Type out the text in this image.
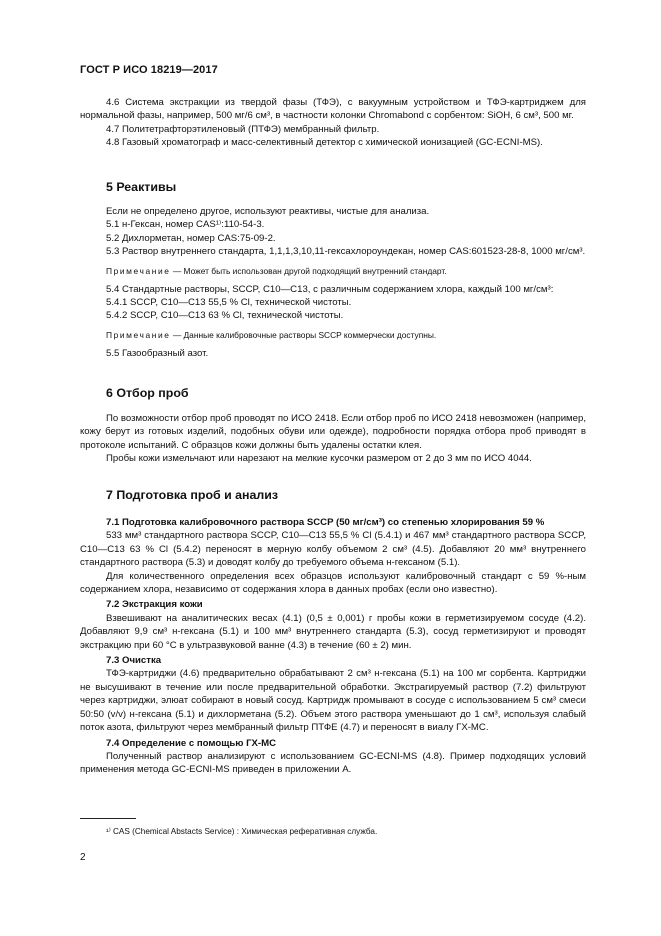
ГОСТ Р ИСО 18219—2017

4.6 Система экстракции из твердой фазы (ТФЭ), с вакуумным устройством и ТФЭ-картриджем для нормальной фазы, например, 500 мг/6 см³, в частности колонки Chromabond с сорбентом: SiOH, 6 см³, 500 мг.

4.7 Политетрафторэтиленовый (ПТФЭ) мембранный фильтр.

4.8 Газовый хроматограф и масс-селективный детектор с химической ионизацией (GC-ECNI-MS).

5 Реактивы

Если не определено другое, используют реактивы, чистые для анализа.

5.1 н-Гексан, номер CAS¹⁾:110-54-3.

5.2 Дихлорметан, номер CAS:75-09-2.

5.3 Раствор внутреннего стандарта, 1,1,1,3,10,11-гексахлороундекан, номер CAS:601523-28-8, 1000 мг/см³.

Примечание — Может быть использован другой подходящий внутренний стандарт.

5.4 Стандартные растворы, SCCP, C10—C13, с различным содержанием хлора, каждый 100 мг/см³:

5.4.1 SCCP, C10—C13 55,5 % Cl, технической чистоты.

5.4.2 SCCP, C10—C13 63 % Cl, технической чистоты.

Примечание — Данные калибровочные растворы SCCP коммерчески доступны.

5.5 Газообразный азот.

6 Отбор проб

По возможности отбор проб проводят по ИСО 2418. Если отбор проб по ИСО 2418 невозможен (например, кожу берут из готовых изделий, подобных обуви или одежде), подробности порядка отбора проб приводят в протоколе испытаний. С образцов кожи должны быть удалены остатки клея.

Пробы кожи измельчают или нарезают на мелкие кусочки размером от 2 до 3 мм по ИСО 4044.

7 Подготовка проб и анализ

7.1 Подготовка калибровочного раствора SCCP (50 мг/см³) со степенью хлорирования 59 %

533 мм³ стандартного раствора SCCP, C10—C13 55,5 % Cl (5.4.1) и 467 мм³ стандартного раствора SCCP, C10—C13 63 % Cl (5.4.2) переносят в мерную колбу объемом 2 см³ (4.5). Добавляют 20 мм³ внутреннего стандартного раствора (5.3) и доводят колбу до требуемого объема н-гексаном (5.1).

Для количественного определения всех образцов используют калибровочный стандарт с 59 %-ным содержанием хлора, независимо от содержания хлора в данных пробах (если оно известно).

7.2 Экстракция кожи

Взвешивают на аналитических весах (4.1) (0,5 ± 0,001) г пробы кожи в герметизируемом сосуде (4.2). Добавляют 9,9 см³ н-гексана (5.1) и 100 мм³ внутреннего стандарта (5.3), сосуд герметизируют и проводят экстракцию при 60 °C в ультразвуковой ванне (4.3) в течение (60 ± 2) мин.

7.3 Очистка

ТФЭ-картриджи (4.6) предварительно обрабатывают 2 см³ н-гексана (5.1) на 100 мг сорбента. Картриджи не высушивают в течение или после предварительной обработки. Экстрагируемый раствор (7.2) фильтруют через картриджи, элюат собирают в новый сосуд. Картридж промывают в сосуде с использованием 5 см³ смеси 50:50 (v/v) н-гексана (5.1) и дихлорметана (5.2). Объем этого раствора уменьшают до 1 см³, используя слабый поток азота, фильтруют через мембранный фильтр ПТФЕ (4.7) и переносят в виалу ГХ-МС.

7.4 Определение с помощью ГХ-МС

Полученный раствор анализируют с использованием GC-ECNI-MS (4.8). Пример подходящих условий применения метода GC-ECNI-MS приведен в приложении А.

¹⁾ CAS (Chemical Abstacts Service) : Химическая реферативная служба.
2
